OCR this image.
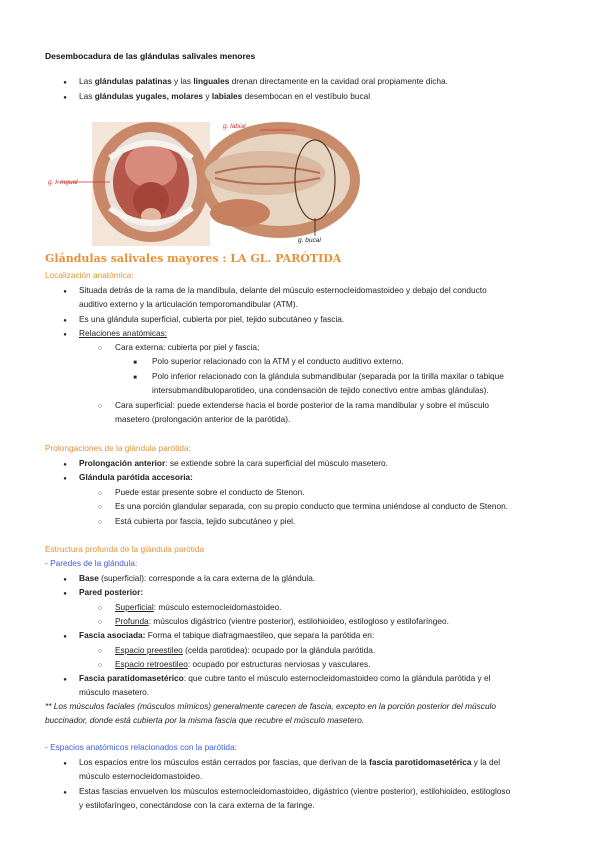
Desembocadura de las glándulas salivales menores
●
Las glándulas palatinas y las linguales drenan directamente en la cavidad oral propiamente dicha.
●
Las glándulas yugales, molares y labiales desembocan en el vestíbulo bucal
g. l. ingual
g. labial
g. bucal
Glándulas salivales mayores : LA GL. PARÓTIDA
Localización anatómica:
●
Situada detrás de la rama de la mandíbula, delante del músculo esternocleidomastoideo y debajo del conducto
auditivo externo y la articulación temporomandibular (ATM).
●
Es una glándula superficial, cubierta por piel, tejido subcutáneo y fascia.
●
Relaciones anatómicas:
○
Cara externa: cubierta por piel y fascia;
■
Polo superior relacionado con la ATM y el conducto auditivo externo.
■
Polo inferior relacionado con la glándula submandibular (separada por la tirilla maxilar o tabique
intersubmandibuloparotideo, una condensación de tejido conectivo entre ambas glándulas).
○
Cara superficial: puede extenderse hacia el borde posterior de la rama mandibular y sobre el músculo
masetero (prolongación anterior de la parótida).
Prolongaciones de la glándula parótida:
●
Prolongación anterior: se extiende sobre la cara superficial del músculo masetero.
●
Glándula parótida accesoria:
○
Puede estar presente sobre el conducto de Stenon.
○
Es una porción glandular separada, con su propio conducto que termina uniéndose al conducto de Stenon.
○
Está cubierta por fascia, tejido subcutáneo y piel.
Estructura profunda de la glándula parótida
- Paredes de la glándula:
●
Base (superficial): corresponde a la cara externa de la glándula.
●
Pared posterior:
○
Superficial: músculo esternocleidomastoideo.
○
Profunda: músculos digástrico (vientre posterior), estilohioideo, estilogloso y estilofaríngeo.
●
Fascia asociada: Forma el tabique diafragmaestileo, que separa la parótida en:
○
Espacio preestileo (celda parotidea): ocupado por la glándula parótida.
○
Espacio retroestileo: ocupado por estructuras nerviosas y vasculares.
●
Fascia paratidomasetérico: que cubre tanto el músculo esternocleidomastoideo como la glándula parótida y el
músculo masetero.
** Los músculos faciales (músculos mímicos) generalmente carecen de fascia, excepto en la porción posterior del músculo
buccinador, donde está cubierta por la misma fascia que recubre el músculo masetero.
- Espacios anatómicos relacionados con la parótida:
●
Los espacios entre los músculos están cerrados por fascias, que derivan de la fascia parotidomasetérica y la del
músculo esternocleidomastoideo.
●
Estas fascias envuelven los músculos esternocleidomastoideo, digástrico (vientre posterior), estilohioideo, estilogloso
y estilofaríngeo, conectándose con la cara externa de la faringe.
